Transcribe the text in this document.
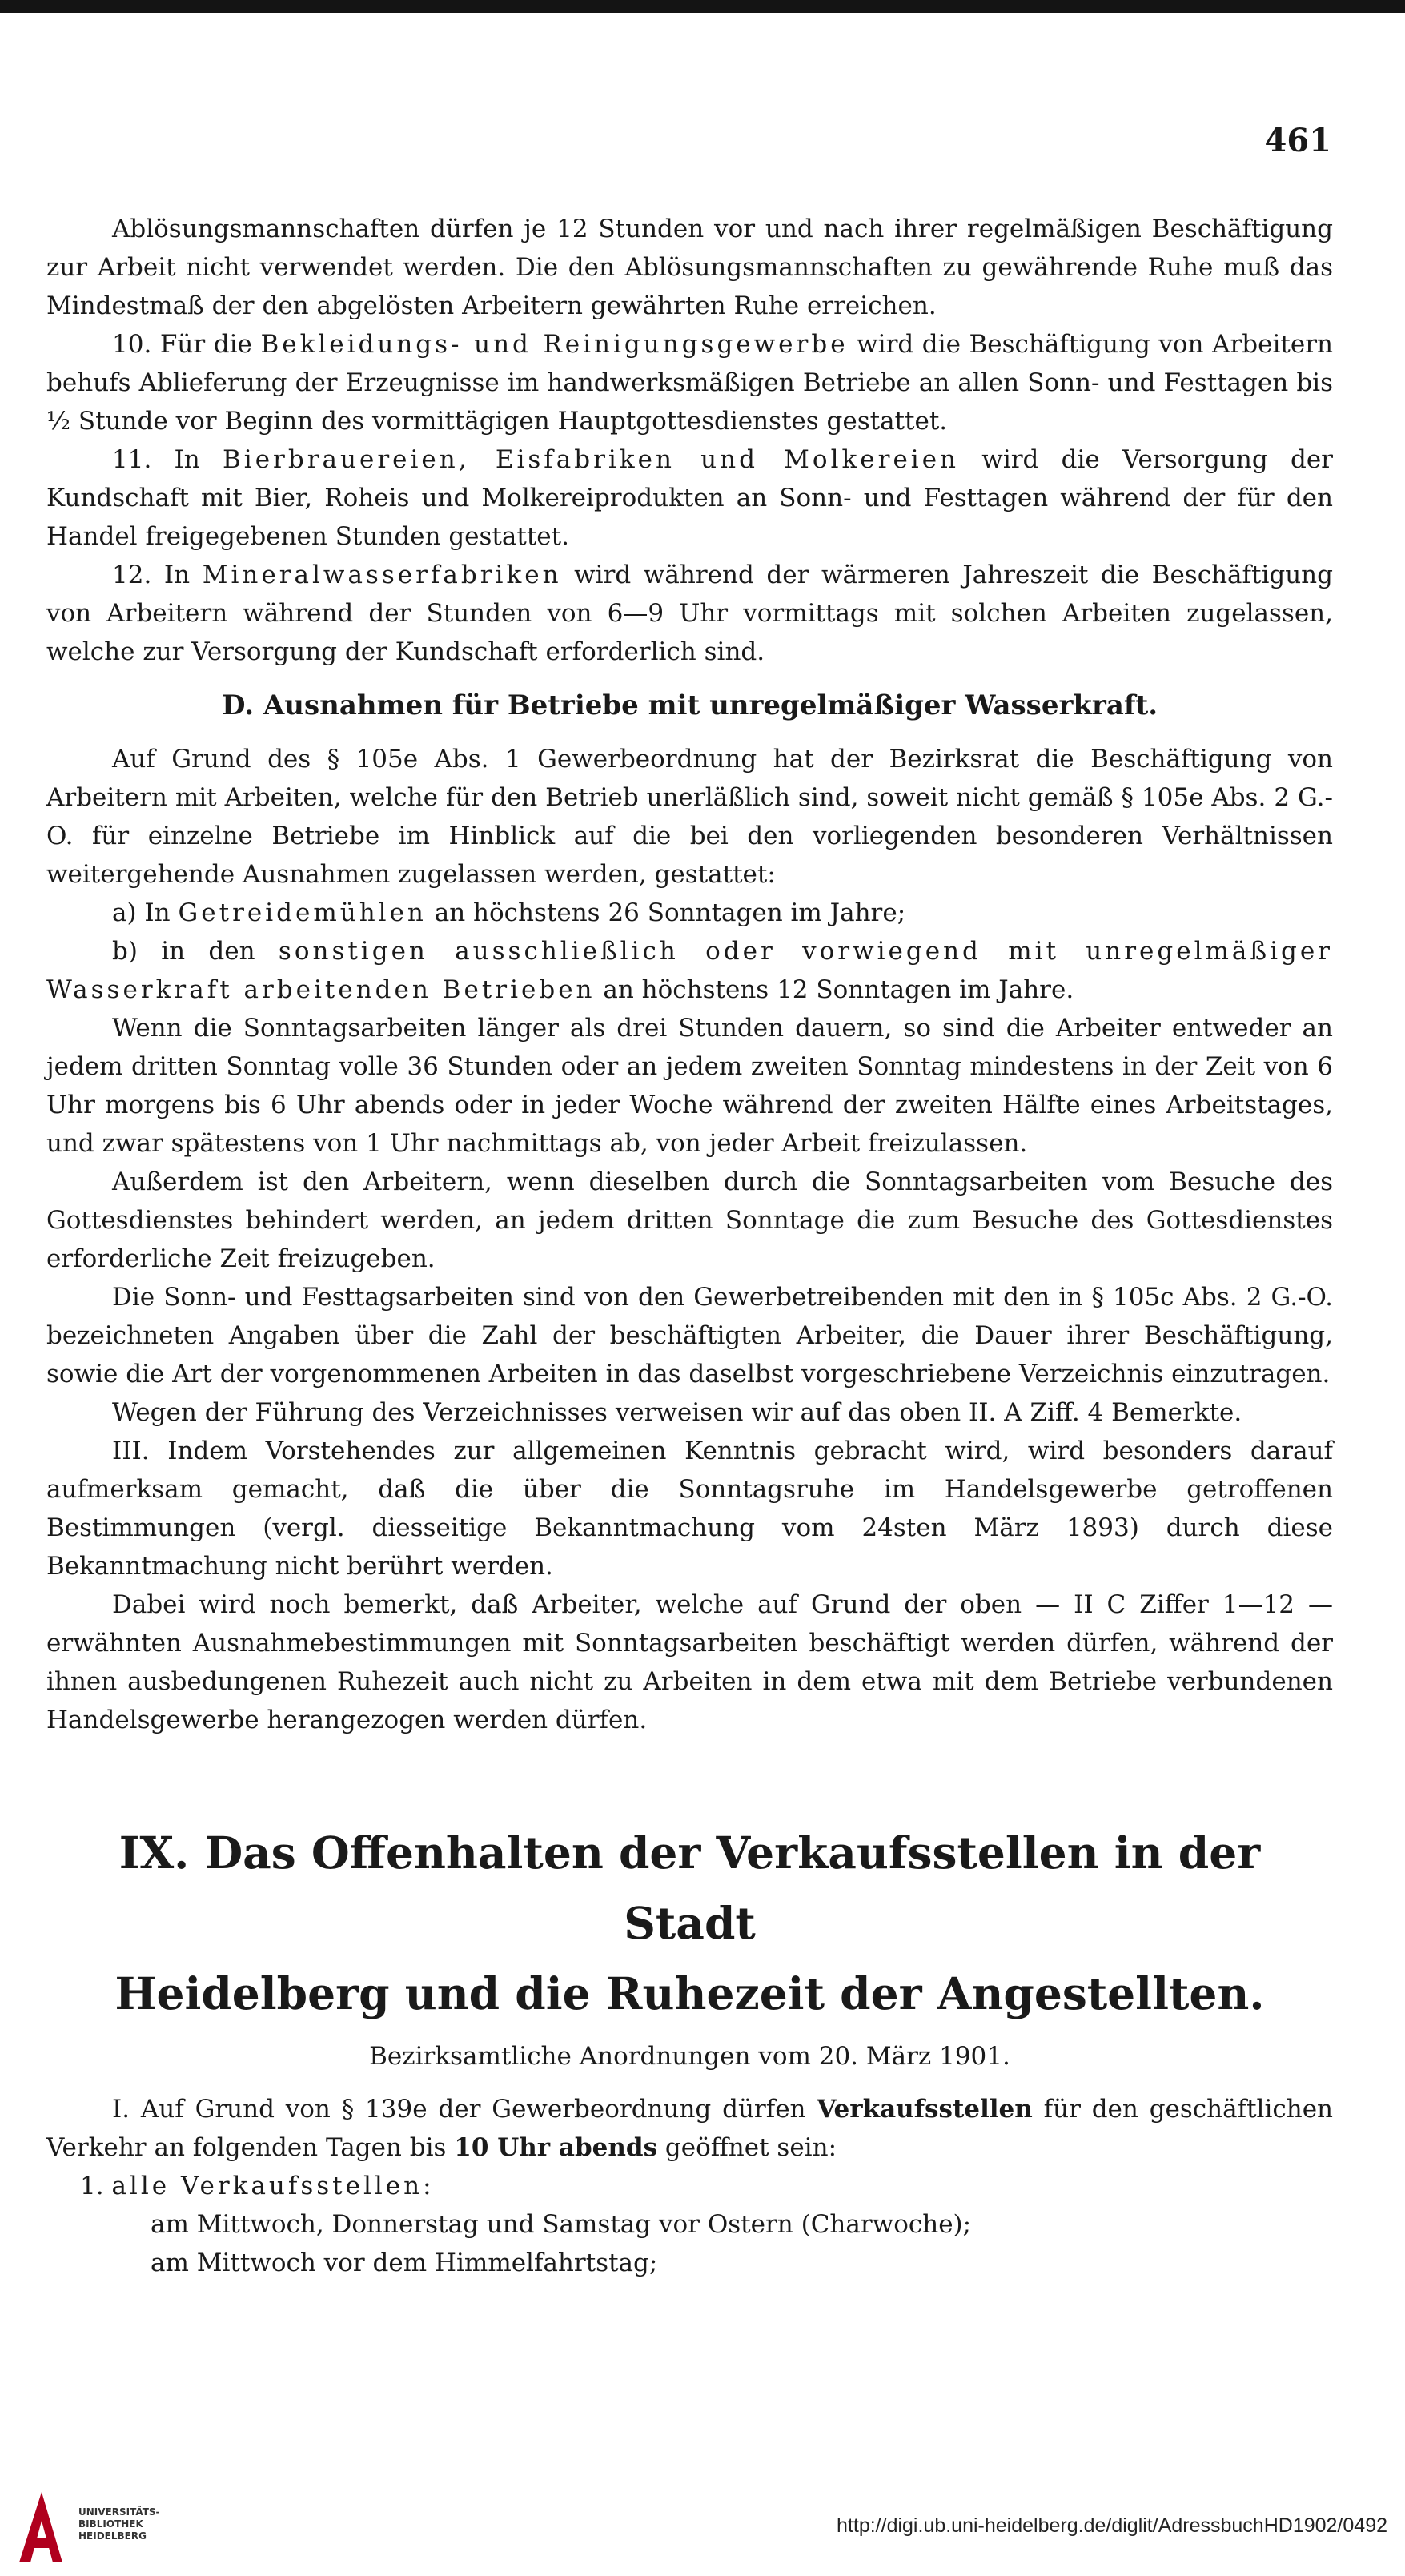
461

Ablösungsmannschaften dürfen je 12 Stunden vor und nach ihrer regelmäßigen Beschäftigung zur Arbeit nicht verwendet werden. Die den Ablösungsmannschaften zu gewährende Ruhe muß das Mindestmaß der den abgelösten Arbeitern gewährten Ruhe erreichen.

10. Für die Bekleidungs- und Reinigungsgewerbe wird die Beschäftigung von Arbeitern behufs Ablieferung der Erzeugnisse im handwerksmäßigen Betriebe an allen Sonn- und Festtagen bis ½ Stunde vor Beginn des vormittägigen Hauptgottesdienstes gestattet.

11. In Bierbrauereien, Eisfabriken und Molkereien wird die Versorgung der Kundschaft mit Bier, Roheis und Molkereiprodukten an Sonn- und Festtagen während der für den Handel freigegebenen Stunden gestattet.

12. In Mineralwasserfabriken wird während der wärmeren Jahreszeit die Beschäftigung von Arbeitern während der Stunden von 6—9 Uhr vormittags mit solchen Arbeiten zugelassen, welche zur Versorgung der Kundschaft erforderlich sind.

D. Ausnahmen für Betriebe mit unregelmäßiger Wasserkraft.

Auf Grund des § 105e Abs. 1 Gewerbeordnung hat der Bezirksrat die Beschäftigung von Arbeitern mit Arbeiten, welche für den Betrieb unerläßlich sind, soweit nicht gemäß § 105e Abs. 2 G.-O. für einzelne Betriebe im Hinblick auf die bei den vorliegenden besonderen Verhältnissen weitergehende Ausnahmen zugelassen werden, gestattet:

a) In Getreidemühlen an höchstens 26 Sonntagen im Jahre;

b) in den sonstigen ausschließlich oder vorwiegend mit unregelmäßiger Wasserkraft arbeitenden Betrieben an höchstens 12 Sonntagen im Jahre.

Wenn die Sonntagsarbeiten länger als drei Stunden dauern, so sind die Arbeiter entweder an jedem dritten Sonntag volle 36 Stunden oder an jedem zweiten Sonntag mindestens in der Zeit von 6 Uhr morgens bis 6 Uhr abends oder in jeder Woche während der zweiten Hälfte eines Arbeitstages, und zwar spätestens von 1 Uhr nachmittags ab, von jeder Arbeit freizulassen.

Außerdem ist den Arbeitern, wenn dieselben durch die Sonntagsarbeiten vom Besuche des Gottesdienstes behindert werden, an jedem dritten Sonntage die zum Besuche des Gottesdienstes erforderliche Zeit freizugeben.

Die Sonn- und Festtagsarbeiten sind von den Gewerbetreibenden mit den in § 105c Abs. 2 G.-O. bezeichneten Angaben über die Zahl der beschäftigten Arbeiter, die Dauer ihrer Beschäftigung, sowie die Art der vorgenommenen Arbeiten in das daselbst vorgeschriebene Verzeichnis einzutragen.

Wegen der Führung des Verzeichnisses verweisen wir auf das oben II. A Ziff. 4 Bemerkte.

III. Indem Vorstehendes zur allgemeinen Kenntnis gebracht wird, wird besonders darauf aufmerksam gemacht, daß die über die Sonntagsruhe im Handelsgewerbe getroffenen Bestimmungen (vergl. diesseitige Bekanntmachung vom 24sten März 1893) durch diese Bekanntmachung nicht berührt werden.

Dabei wird noch bemerkt, daß Arbeiter, welche auf Grund der oben — II C Ziffer 1—12 — erwähnten Ausnahmebestimmungen mit Sonntagsarbeiten beschäftigt werden dürfen, während der ihnen ausbedungenen Ruhezeit auch nicht zu Arbeiten in dem etwa mit dem Betriebe verbundenen Handelsgewerbe herangezogen werden dürfen.

IX. Das Offenhalten der Verkaufsstellen in der Stadt
Heidelberg und die Ruhezeit der Angestellten.
Bezirksamtliche Anordnungen vom 20. März 1901.

I. Auf Grund von § 139e der Gewerbeordnung dürfen Verkaufsstellen für den geschäftlichen Verkehr an folgenden Tagen bis 10 Uhr abends geöffnet sein:

1. alle Verkaufsstellen:

am Mittwoch, Donnerstag und Samstag vor Ostern (Charwoche);

am Mittwoch vor dem Himmelfahrtstag;

UNIVERSITÄTS-
BIBLIOTHEK
HEIDELBERG	http://digi.ub.uni-heidelberg.de/diglit/AdressbuchHD1902/0492
